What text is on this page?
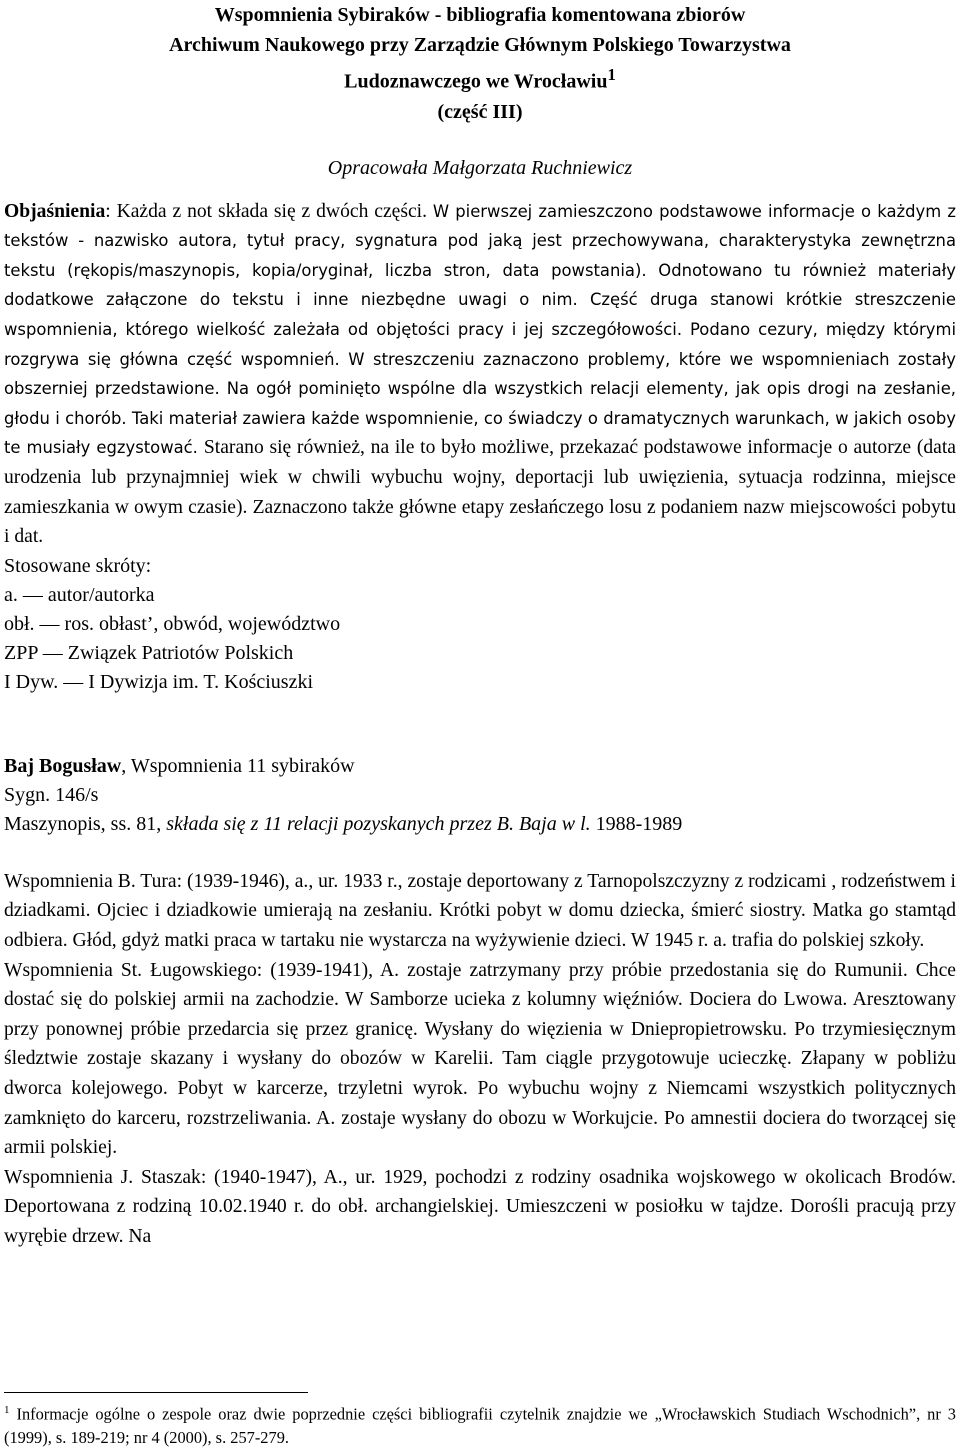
Wspomnienia Sybiraków - bibliografia komentowana zbiorów

Archiwum Naukowego przy Zarządzie Głównym Polskiego Towarzystwa

Ludoznawczego we Wrocławiu$^1$

(część III)

Opracowała Małgorzata Ruchniewicz

Objaśnienia: Każda z not składa się z dwóch części. W pierwszej zamieszczono podstawowe informacje o każdym z tekstów - nazwisko autora, tytuł pracy, sygnatura pod jaką jest przechowywana, charakterystyka zewnętrzna tekstu (rękopis/maszynopis, kopia/oryginał, liczba stron, data powstania). Odnotowano tu również materiały dodatkowe załączone do tekstu i inne niezbędne uwagi o nim. Część druga stanowi krótkie streszczenie wspomnienia, którego wielkość zależała od objętości pracy i jej szczegółowości. Podano cezury, między którymi rozgrywa się główna część wspomnień. W streszczeniu zaznaczono problemy, które we wspomnieniach zostały obszerniej przedstawione. Na ogół pominięto wspólne dla wszystkich relacji elementy, jak opis drogi na zesłanie, głodu i chorób. Taki materiał zawiera każde wspomnienie, co świadczy o dramatycznych warunkach, w jakich osoby te musiały egzystować. Starano się również, na ile to było możliwe, przekazać podstawowe informacje o autorze (data urodzenia lub przynajmniej wiek w chwili wybuchu wojny, deportacji lub uwięzienia, sytuacja rodzinna, miejsce zamieszkania w owym czasie). Zaznaczono także główne etapy zesłańczego losu z podaniem nazw miejscowości pobytu i dat.

Stosowane skróty:

a. — autor/autorka

obł. — ros. obłast’, obwód, województwo

ZPP — Związek Patriotów Polskich

I Dyw. — I Dywizja im. T. Kościuszki

Baj Bogusław, Wspomnienia 11 sybiraków

Sygn. 146/s

Maszynopis, ss. 81, składa się z 11 relacji pozyskanych przez B. Baja w l. 1988-1989

Wspomnienia B. Tura: (1939-1946), a., ur. 1933 r., zostaje deportowany z Tarnopolszczyzny z rodzicami , rodzeństwem i dziadkami. Ojciec i dziadkowie umierają na zesłaniu. Krótki pobyt w domu dziecka, śmierć siostry. Matka go stamtąd odbiera. Głód, gdyż matki praca w tartaku nie wystarcza na wyżywienie dzieci. W 1945 r. a. trafia do polskiej szkoły.

Wspomnienia St. Ługowskiego: (1939-1941), A. zostaje zatrzymany przy próbie przedostania się do Rumunii. Chce dostać się do polskiej armii na zachodzie. W Samborze ucieka z kolumny więźniów. Dociera do Lwowa. Aresztowany przy ponownej próbie przedarcia się przez granicę. Wysłany do więzienia w Dniepropietrowsku. Po trzymiesięcznym śledztwie zostaje skazany i wysłany do obozów w Karelii. Tam ciągle przygotowuje ucieczkę. Złapany w pobliżu dworca kolejowego. Pobyt w karcerze, trzyletni wyrok. Po wybuchu wojny z Niemcami wszystkich politycznych zamknięto do karceru, rozstrzeliwania. A. zostaje wysłany do obozu w Workujcie. Po amnestii dociera do tworzącej się armii polskiej.

Wspomnienia J. Staszak: (1940-1947), A., ur. 1929, pochodzi z rodziny osadnika wojskowego w okolicach Brodów. Deportowana z rodziną 10.02.1940 r. do obł. archangielskiej. Umieszczeni w posiołku w tajdze. Dorośli pracują przy wyrębie drzew. Na

$^1$ Informacje ogólne o zespole oraz dwie poprzednie części bibliografii czytelnik znajdzie we „Wrocławskich Studiach Wschodnich”, nr 3 (1999), s. 189-219; nr 4 (2000), s. 257-279.
